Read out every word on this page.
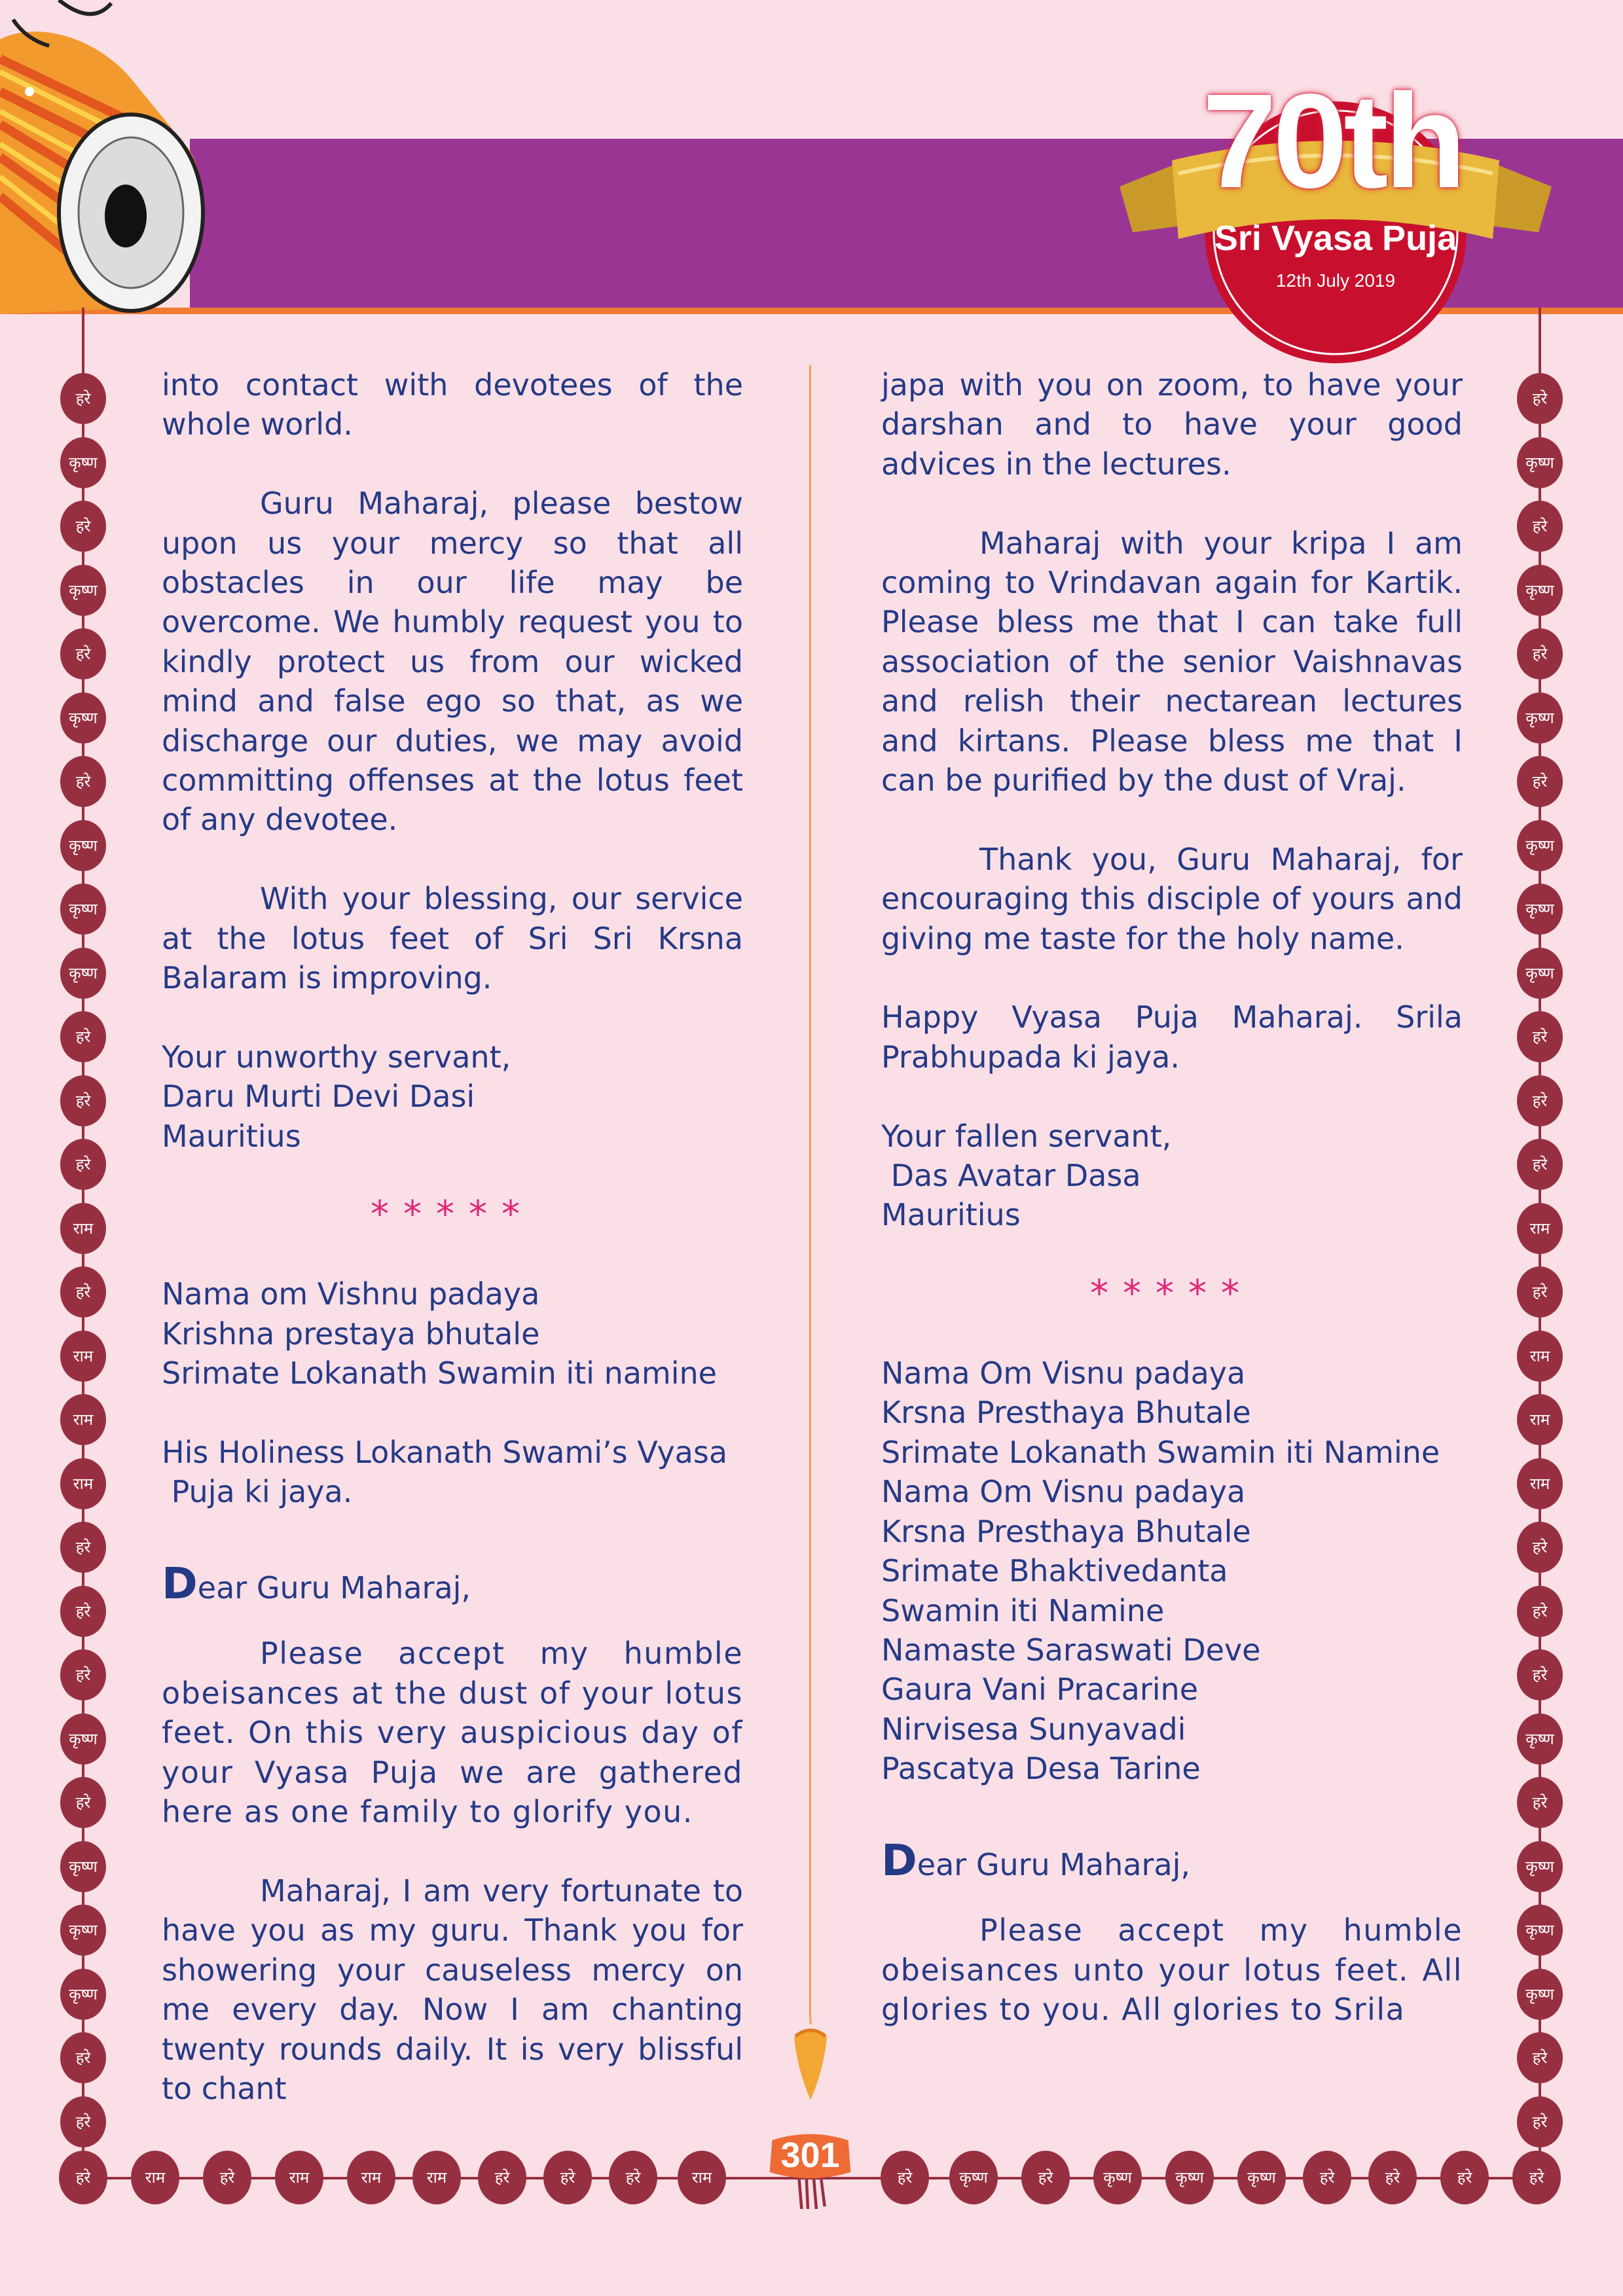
70th
Sri Vyasa Puja
12th July 2019
हरे
कृष्ण
हरे
कृष्ण
हरे
कृष्ण
हरे
कृष्ण
कृष्ण
कृष्ण
हरे
हरे
हरे
राम
हरे
राम
राम
राम
हरे
हरे
हरे
कृष्ण
हरे
कृष्ण
कृष्ण
कृष्ण
हरे
हरे
हरे
कृष्ण
हरे
कृष्ण
हरे
कृष्ण
हरे
कृष्ण
कृष्ण
कृष्ण
हरे
हरे
हरे
राम
हरे
राम
राम
राम
हरे
हरे
हरे
कृष्ण
हरे
कृष्ण
कृष्ण
कृष्ण
हरे
हरे
हरे	राम	हरे	राम	राम	राम	हरे	हरे	हरे	राम	हरे	कृष्ण	हरे	कृष्ण	कृष्ण	कृष्ण	हरे	हरे	हरे	हरे
301

into contact with devotees of the whole world.

Guru Maharaj, please bestow upon us your mercy so that all obstacles in our life may be overcome. We humbly request you to kindly protect us from our wicked mind and false ego so that, as we discharge our duties, we may avoid committing offenses at the lotus feet of any devotee.

With your blessing, our service at the lotus feet of Sri Sri Krsna Balaram is improving.

Your unworthy servant,

Daru Murti Devi Dasi

Mauritius

*****

Nama om Vishnu padaya

Krishna prestaya bhutale

Srimate Lokanath Swamin iti namine

His Holiness Lokanath Swami’s Vyasa

Puja ki jaya.

Dear Guru Maharaj,

Please accept my humble obeisances at the dust of your lotus feet. On this very auspicious day of your Vyasa Puja we are gathered here as one family to glorify you.

Maharaj, I am very fortunate to have you as my guru. Thank you for showering your causeless mercy on me every day. Now I am chanting twenty rounds daily. It is very blissful to chant

japa with you on zoom, to have your darshan and to have your good advices in the lectures.

Maharaj with your kripa I am coming to Vrindavan again for Kartik. Please bless me that I can take full association of the senior Vaishnavas and relish their nectarean lectures and kirtans. Please bless me that I can be purified by the dust of Vraj.

Thank you, Guru Maharaj, for encouraging this disciple of yours and giving me taste for the holy name.

Happy Vyasa Puja Maharaj. Srila Prabhupada ki jaya.

Your fallen servant,

Das Avatar Dasa

Mauritius

*****

Nama Om Visnu padaya

Krsna Presthaya Bhutale

Srimate Lokanath Swamin iti Namine

Nama Om Visnu padaya

Krsna Presthaya Bhutale

Srimate Bhaktivedanta

Swamin iti Namine

Namaste Saraswati Deve

Gaura Vani Pracarine

Nirvisesa Sunyavadi

Pascatya Desa Tarine

Dear Guru Maharaj,

Please accept my humble obeisances unto your lotus feet. All glories to you. All glories to Srila
